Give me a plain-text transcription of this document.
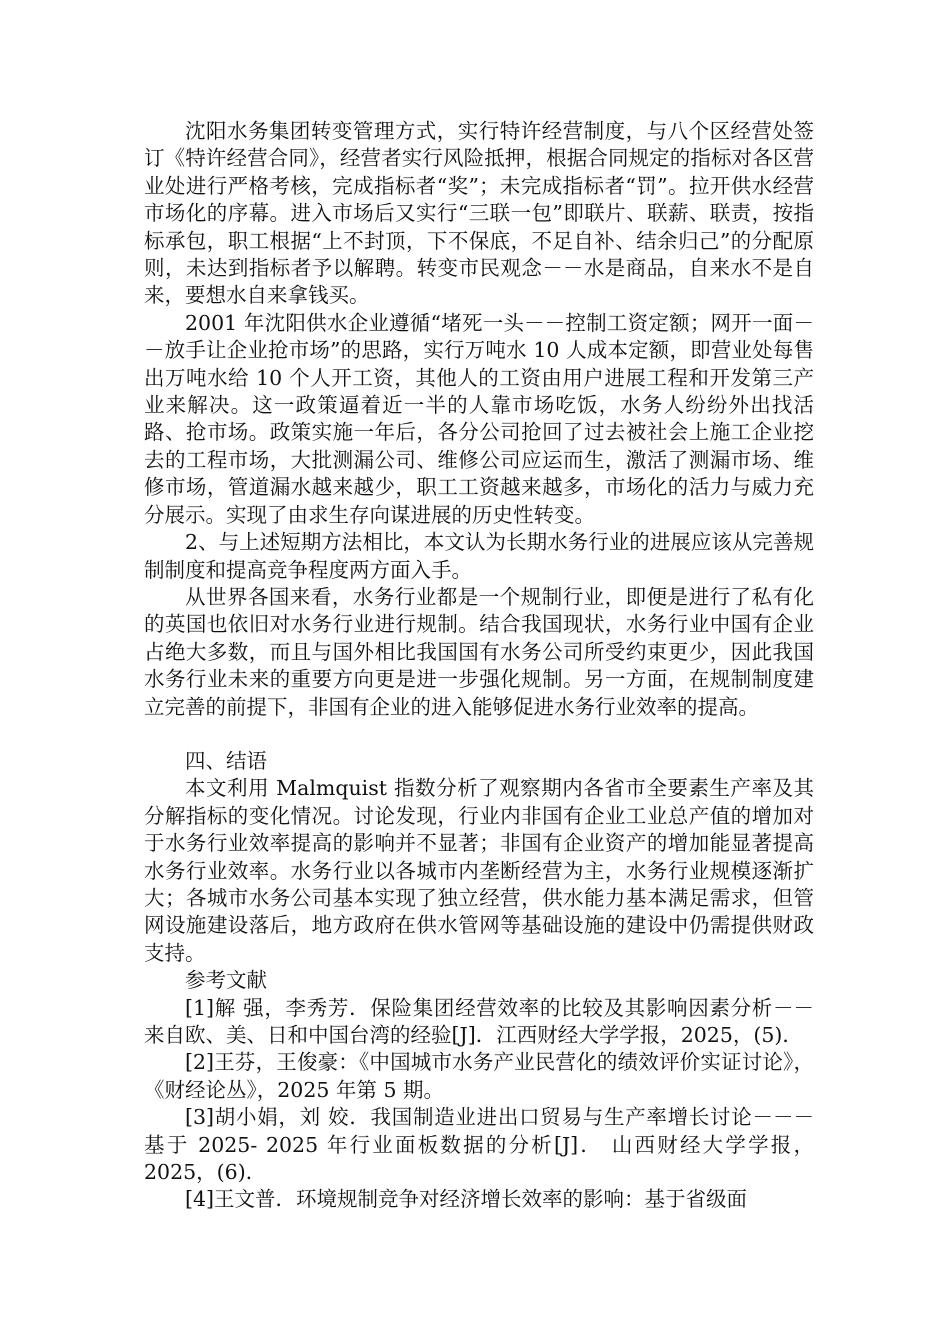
沈阳水务集团转变管理方式，实行特许经营制度，与八个区经营处签订《特许经营合同》，经营者实行风险抵押，根据合同规定的指标对各区营业处进行严格考核，完成指标者“奖”；未完成指标者“罚”。拉开供水经营市场化的序幕。进入市场后又实行“三联一包”即联片、联薪、联责，按指标承包，职工根据“上不封顶，下不保底，不足自补、结余归己”的分配原则，未达到指标者予以解聘。转变市民观念－－水是商品，自来水不是自来，要想水自来拿钱买。

2001 年沈阳供水企业遵循“堵死一头－－控制工资定额；网开一面－－放手让企业抢市场”的思路，实行万吨水 10 人成本定额，即营业处每售出万吨水给 10 个人开工资，其他人的工资由用户进展工程和开发第三产业来解决。这一政策逼着近一半的人靠市场吃饭，水务人纷纷外出找活路、抢市场。政策实施一年后，各分公司抢回了过去被社会上施工企业挖去的工程市场，大批测漏公司、维修公司应运而生，激活了测漏市场、维修市场，管道漏水越来越少，职工工资越来越多，市场化的活力与威力充分展示。实现了由求生存向谋进展的历史性转变。

2、与上述短期方法相比，本文认为长期水务行业的进展应该从完善规制制度和提高竞争程度两方面入手。

从世界各国来看，水务行业都是一个规制行业，即便是进行了私有化的英国也依旧对水务行业进行规制。结合我国现状，水务行业中国有企业占绝大多数，而且与国外相比我国国有水务公司所受约束更少，因此我国水务行业未来的重要方向更是进一步强化规制。另一方面，在规制制度建立完善的前提下，非国有企业的进入能够促进水务行业效率的提高。

四、结语

本文利用 Malmquist 指数分析了观察期内各省市全要素生产率及其分解指标的变化情况。讨论发现，行业内非国有企业工业总产值的增加对于水务行业效率提高的影响并不显著；非国有企业资产的增加能显著提高水务行业效率。水务行业以各城市内垄断经营为主，水务行业规模逐渐扩大；各城市水务公司基本实现了独立经营，供水能力基本满足需求，但管网设施建设落后，地方政府在供水管网等基础设施的建设中仍需提供财政支持。

参考文献

[1]解 强，李秀芳．保险集团经营效率的比较及其影响因素分析－－来自欧、美、日和中国台湾的经验[J]．江西财经大学学报，2025，(5)．

[2]王芬，王俊豪：《中国城市水务产业民营化的绩效评价实证讨论》，《财经论丛》，2025 年第 5 期。

[3]胡小娟，刘 姣．我国制造业进出口贸易与生产率增长讨论－－－基于 2025- 2025 年行业面板数据的分析[J]． 山西财经大学学报，2025，(6)．

[4]王文普．环境规制竞争对经济增长效率的影响：基于省级面
